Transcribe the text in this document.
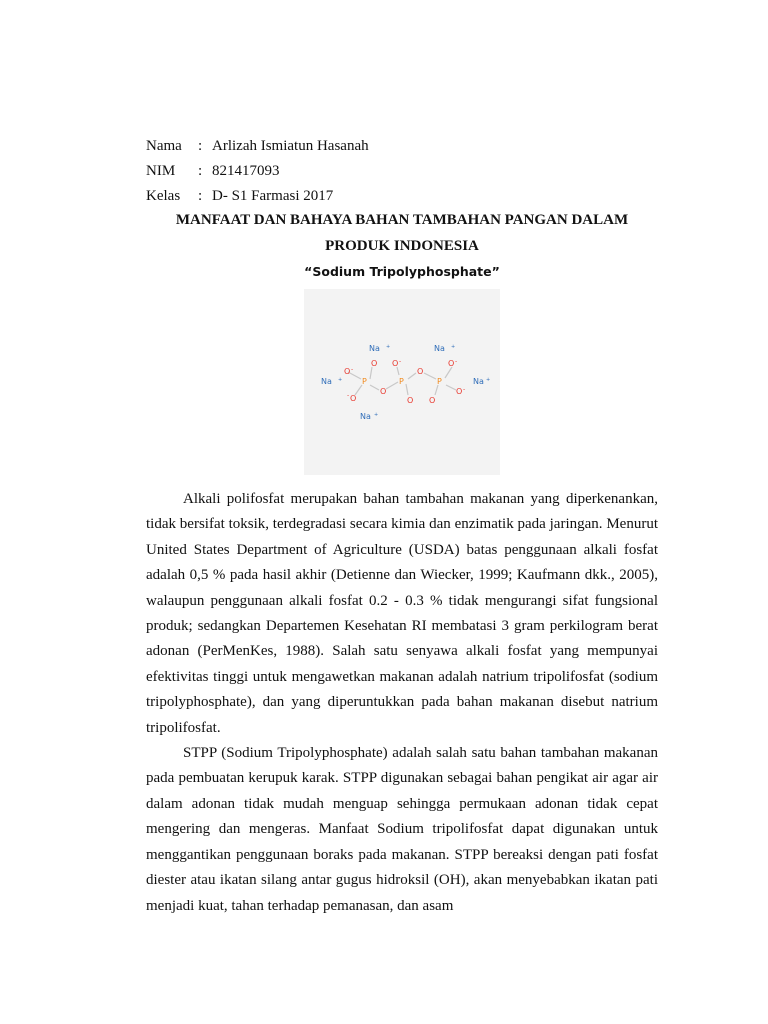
Nama : Arlizah Ismiatun Hasanah
NIM : 821417093
Kelas : D- S1 Farmasi 2017
MANFAAT DAN BAHAYA BAHAN TAMBAHAN PANGAN DALAM
PRODUK INDONESIA
“Sodium Tripolyphosphate”
Na +	Na +
Na +	Na +
Na +
O -
O
O
-	O
O -
O
O
O
O -
O -
P	P	P

Alkali polifosfat merupakan bahan tambahan makanan yang diperkenankan, tidak bersifat toksik, terdegradasi secara kimia dan enzimatik pada jaringan. Menurut United States Department of Agriculture (USDA) batas penggunaan alkali fosfat adalah 0,5 % pada hasil akhir (Detienne dan Wiecker, 1999; Kaufmann dkk., 2005), walaupun penggunaan alkali fosfat 0.2 - 0.3 % tidak mengurangi sifat fungsional produk; sedangkan Departemen Kesehatan RI membatasi 3 gram perkilogram berat adonan (PerMenKes, 1988). Salah satu senyawa alkali fosfat yang mempunyai efektivitas tinggi untuk mengawetkan makanan adalah natrium tripolifosfat (sodium tripolyphosphate), dan yang diperuntukkan pada bahan makanan disebut natrium tripolifosfat.

STPP (Sodium Tripolyphosphate) adalah salah satu bahan tambahan makanan pada pembuatan kerupuk karak. STPP digunakan sebagai bahan pengikat air agar air dalam adonan tidak mudah menguap sehingga permukaan adonan tidak cepat mengering dan mengeras. Manfaat Sodium tripolifosfat dapat digunakan untuk menggantikan penggunaan boraks pada makanan. STPP bereaksi dengan pati fosfat diester atau ikatan silang antar gugus hidroksil (OH), akan menyebabkan ikatan pati menjadi kuat, tahan terhadap pemanasan, dan asam
